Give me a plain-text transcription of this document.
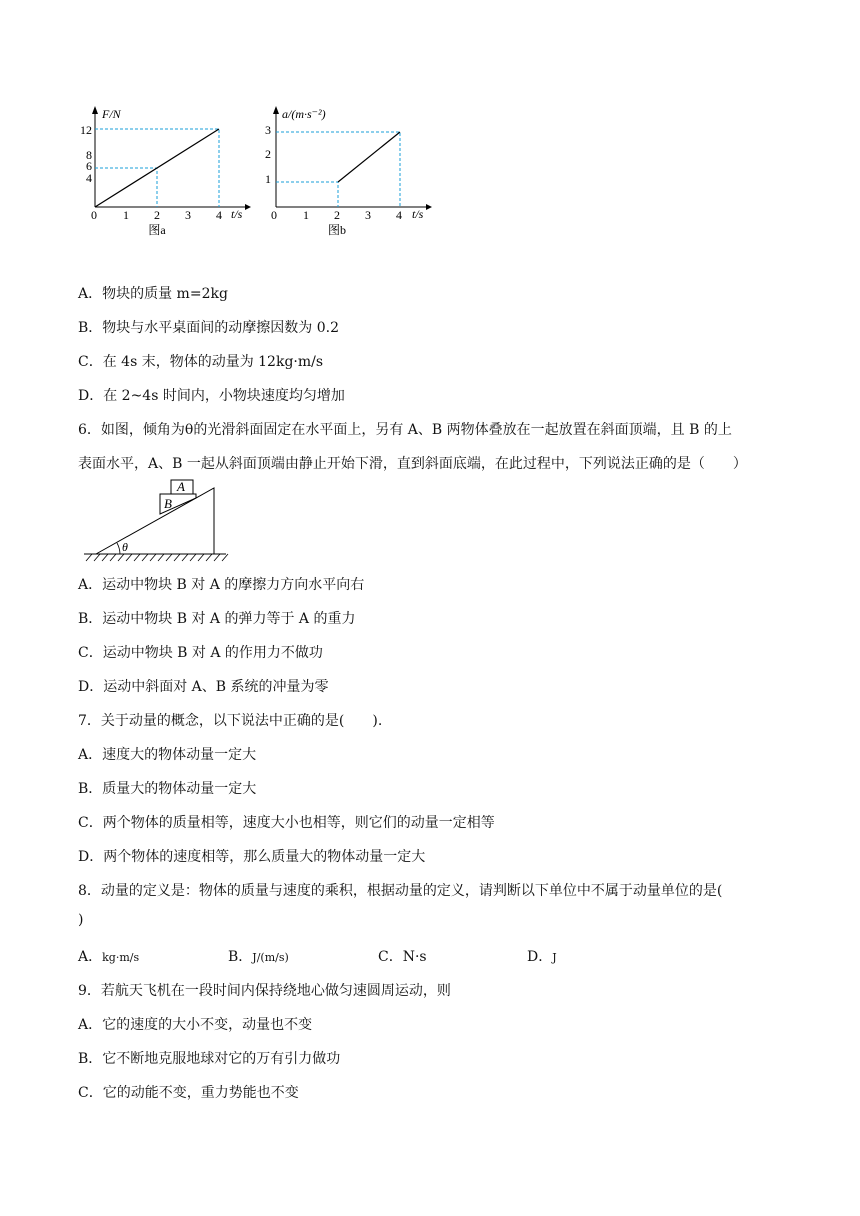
12
8
6
4
0 1 2 3 4
F/N
t/s
图a
3
2
1
0 1 2 3 4
a/(m·s⁻²)
t/s
图b
A．物块的质量 m=2kg
B．物块与水平桌面间的动摩擦因数为 0.2
C．在 4s 末，物体的动量为 12kg·m/s
D．在 2~4s 时间内，小物块速度均匀增加
6．如图，倾角为θ的光滑斜面固定在水平面上，另有 A、B 两物体叠放在一起放置在斜面顶端，且 B 的上
表面水平，A、B 一起从斜面顶端由静止开始下滑，直到斜面底端，在此过程中，下列说法正确的是（　　）
A
B
θ
A．运动中物块 B 对 A 的摩擦力方向水平向右
B．运动中物块 B 对 A 的弹力等于 A 的重力
C．运动中物块 B 对 A 的作用力不做功
D．运动中斜面对 A、B 系统的冲量为零
7．关于动量的概念，以下说法中正确的是(　　).
A．速度大的物体动量一定大
B．质量大的物体动量一定大
C．两个物体的质量相等，速度大小也相等，则它们的动量一定相等
D．两个物体的速度相等，那么质量大的物体动量一定大
8．动量的定义是：物体的质量与速度的乘积，根据动量的定义，请判断以下单位中不属于动量单位的是(
)
A．kg·m/s	B．J/(m/s)	C．N·s	D．J
9．若航天飞机在一段时间内保持绕地心做匀速圆周运动，则
A．它的速度的大小不变，动量也不变
B．它不断地克服地球对它的万有引力做功
C．它的动能不变，重力势能也不变
